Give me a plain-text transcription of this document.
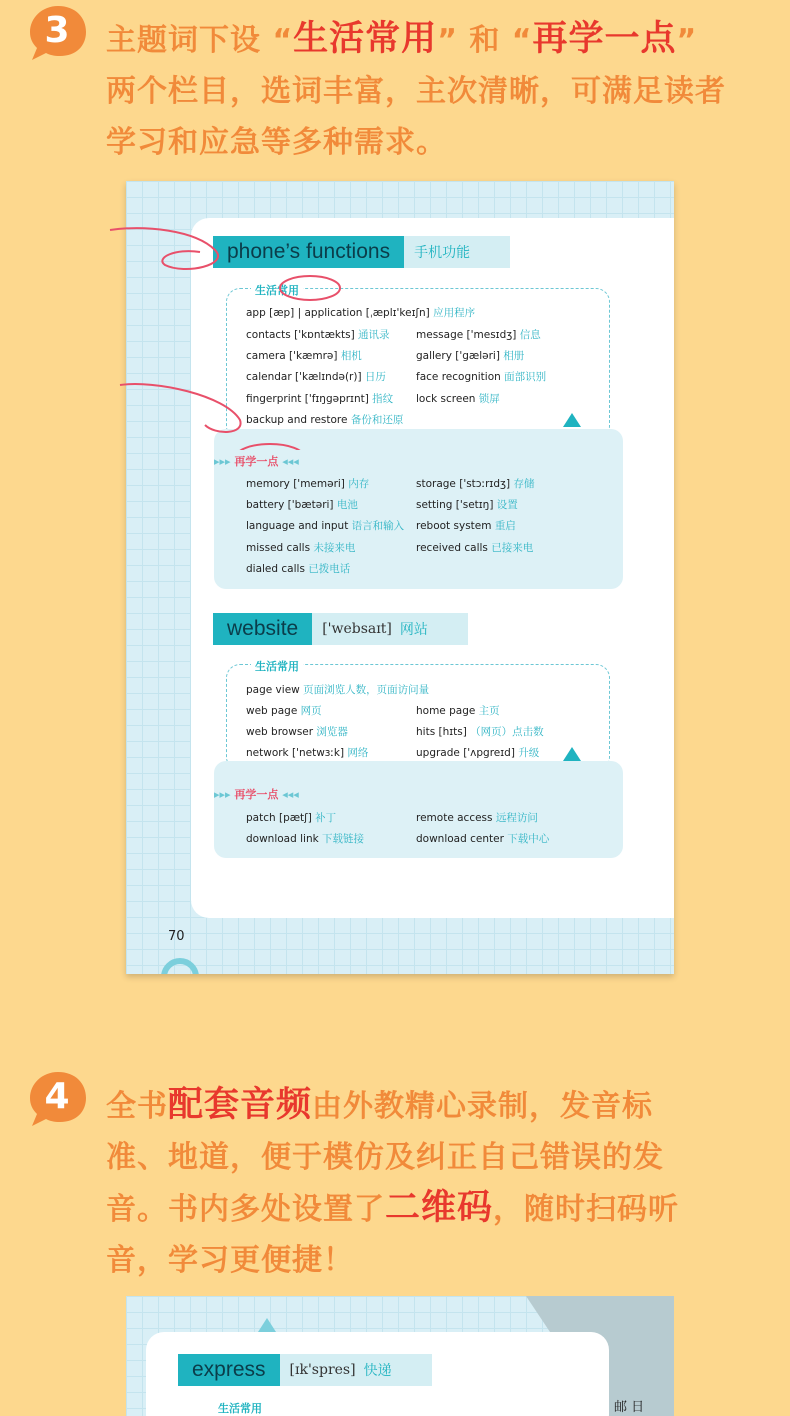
3	主题词下设 “生活常用” 和 “再学一点”
两个栏目，选词丰富，主次清晰，可满足读者
学习和应急等多种需求。
phone’s functions	手机功能
生活常用
▸▸▸ 再学一点 ◂◂◂
app [æp] | application [ˌæplɪ'keɪʃn] 应用程序
contacts ['kɒntækts] 通讯录	message ['mesɪdʒ] 信息
camera ['kæmrə] 相机	gallery ['gæləri] 相册
calendar ['kælɪndə(r)] 日历	face recognition 面部识别
fingerprint ['fɪŋgəprɪnt] 指纹 lock screen 锁屏
backup and restore 备份和还原
memory ['meməri] 内存	storage ['stɔːrɪdʒ] 存储
battery ['bætəri] 电池	setting ['setɪŋ] 设置
language and input 语言和输入 reboot system 重启
missed calls 未接来电	received calls 已接来电
dialed calls 已拨电话
website	['websaɪt] 网站
生活常用
▸▸▸ 再学一点 ◂◂◂
page view 页面浏览人数，页面访问量
web page 网页	home page 主页
web browser 浏览器	hits [hɪts] （网页）点击数
network ['netwɜːk] 网络	upgrade ['ʌpgreɪd] 升级
patch [pætʃ] 补丁	remote access 远程访问
download link 下载链接	download center 下载中心
70
4	全书配套音频由外教精心录制，发音标
准、地道，便于模仿及纠正自己错误的发
音。书内多处设置了二维码，随时扫码听
音，学习更便捷！
express	[ɪk'spres] 快递
生活常用	邮 日
